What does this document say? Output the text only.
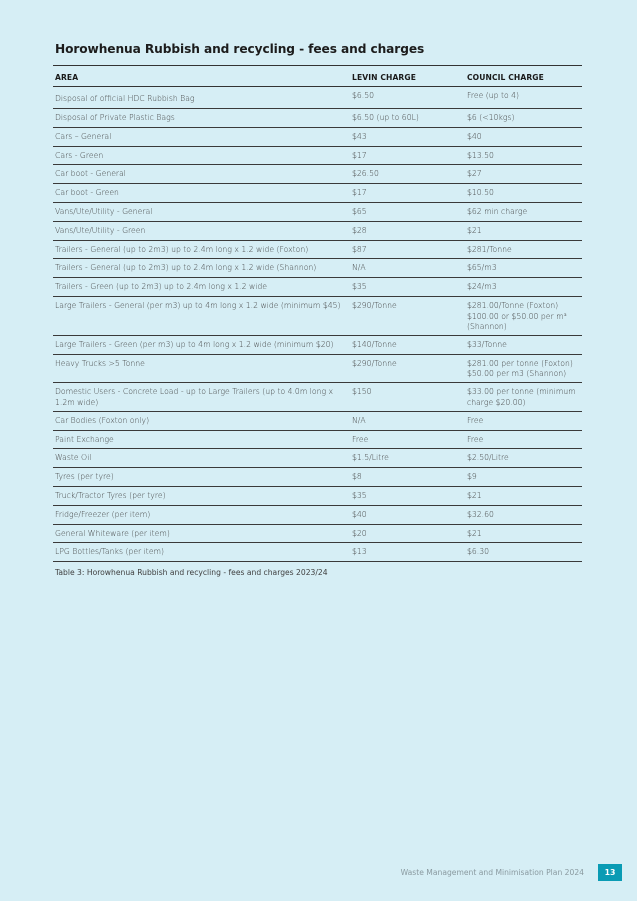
Horowhenua Rubbish and recycling - fees and charges
AREA	LEVIN CHARGE	COUNCIL CHARGE
Disposal of official HDC Rubbish Bag	$6.50	Free (up to 4)
Disposal of Private Plastic Bags	$6.50 (up to 60L)	$6 (<10kgs)
Cars – General	$43	$40
Cars - Green	$17	$13.50
Car boot - General	$26.50	$27
Car boot - Green	$17	$10.50
Vans/Ute/Utility - General	$65	$62 min charge
Vans/Ute/Utility - Green	$28	$21
Trailers - General (up to 2m3) up to 2.4m long x 1.2 wide (Foxton)	$87	$281/Tonne
Trailers - General (up to 2m3) up to 2.4m long x 1.2 wide (Shannon)	N/A	$65/m3
Trailers - Green (up to 2m3) up to 2.4m long x 1.2 wide	$35	$24/m3
Large Trailers - General (per m3) up to 4m long x 1.2 wide (minimum $45)	$290/Tonne	$281.00/Tonne (Foxton) $100.00 or $50.00 per m³ (Shannon)
Large Trailers - Green (per m3) up to 4m long x 1.2 wide (minimum $20)	$140/Tonne	$33/Tonne
Heavy Trucks >5 Tonne	$290/Tonne	$281.00 per tonne (Foxton) $50.00 per m3 (Shannon)
Domestic Users - Concrete Load - up to Large Trailers (up to 4.0m long x 1.2m wide)	$150	$33.00 per tonne (minimum charge $20.00)
Car Bodies (Foxton only)	N/A	Free
Paint Exchange	Free	Free
Waste Oil	$1.5/Litre	$2.50/Litre
Tyres (per tyre)	$8	$9
Truck/Tractor Tyres (per tyre)	$35	$21
Fridge/Freezer (per item)	$40	$32.60
General Whiteware (per item)	$20	$21
LPG Bottles/Tanks (per item)	$13	$6.30
Table 3: Horowhenua Rubbish and recycling - fees and charges 2023/24
Waste Management and Minimisation Plan 2024	13
